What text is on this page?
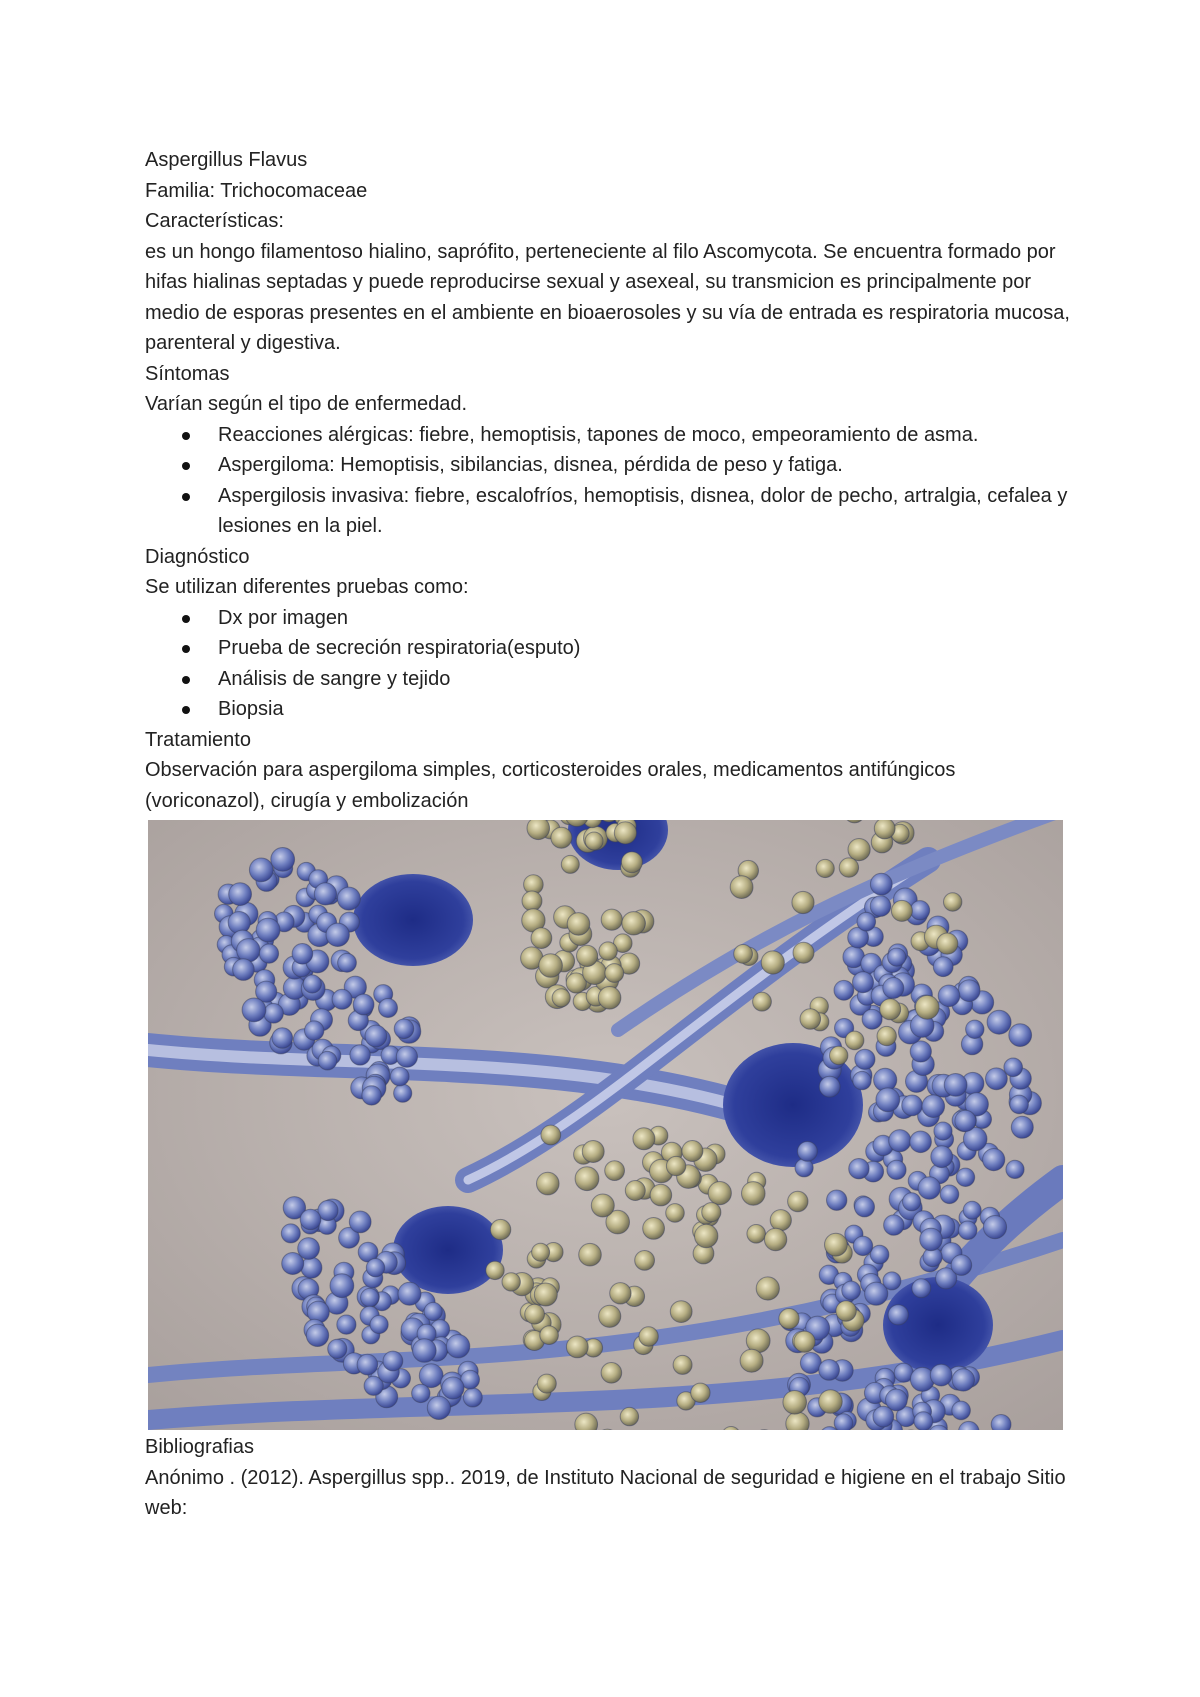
Aspergillus Flavus

Familia: Trichocomaceae

Características:

es un hongo filamentoso hialino, saprófito, perteneciente al filo Ascomycota. Se encuentra formado por hifas hialinas septadas y puede reproducirse sexual y asexeal, su transmicion es principalmente por medio de esporas presentes en el ambiente en bioaerosoles y su vía de entrada es respiratoria mucosa, parenteral y digestiva.

Síntomas

Varían según el tipo de enfermedad.

Reacciones alérgicas: fiebre, hemoptisis, tapones de moco, empeoramiento de asma.
Aspergiloma: Hemoptisis, sibilancias, disnea, pérdida de peso y fatiga.
Aspergilosis invasiva: fiebre, escalofríos, hemoptisis, disnea, dolor de pecho, artralgia, cefalea y lesiones en la piel.

Diagnóstico

Se utilizan diferentes pruebas como:

Dx por imagen
Prueba de secreción respiratoria(esputo)
Análisis de sangre y tejido
Biopsia

Tratamiento

Observación para aspergiloma simples, corticosteroides orales, medicamentos antifúngicos (voriconazol), cirugía y embolización

Bibliografias

Anónimo . (2012). Aspergillus spp.. 2019, de Instituto Nacional de seguridad e higiene en el trabajo Sitio web:
